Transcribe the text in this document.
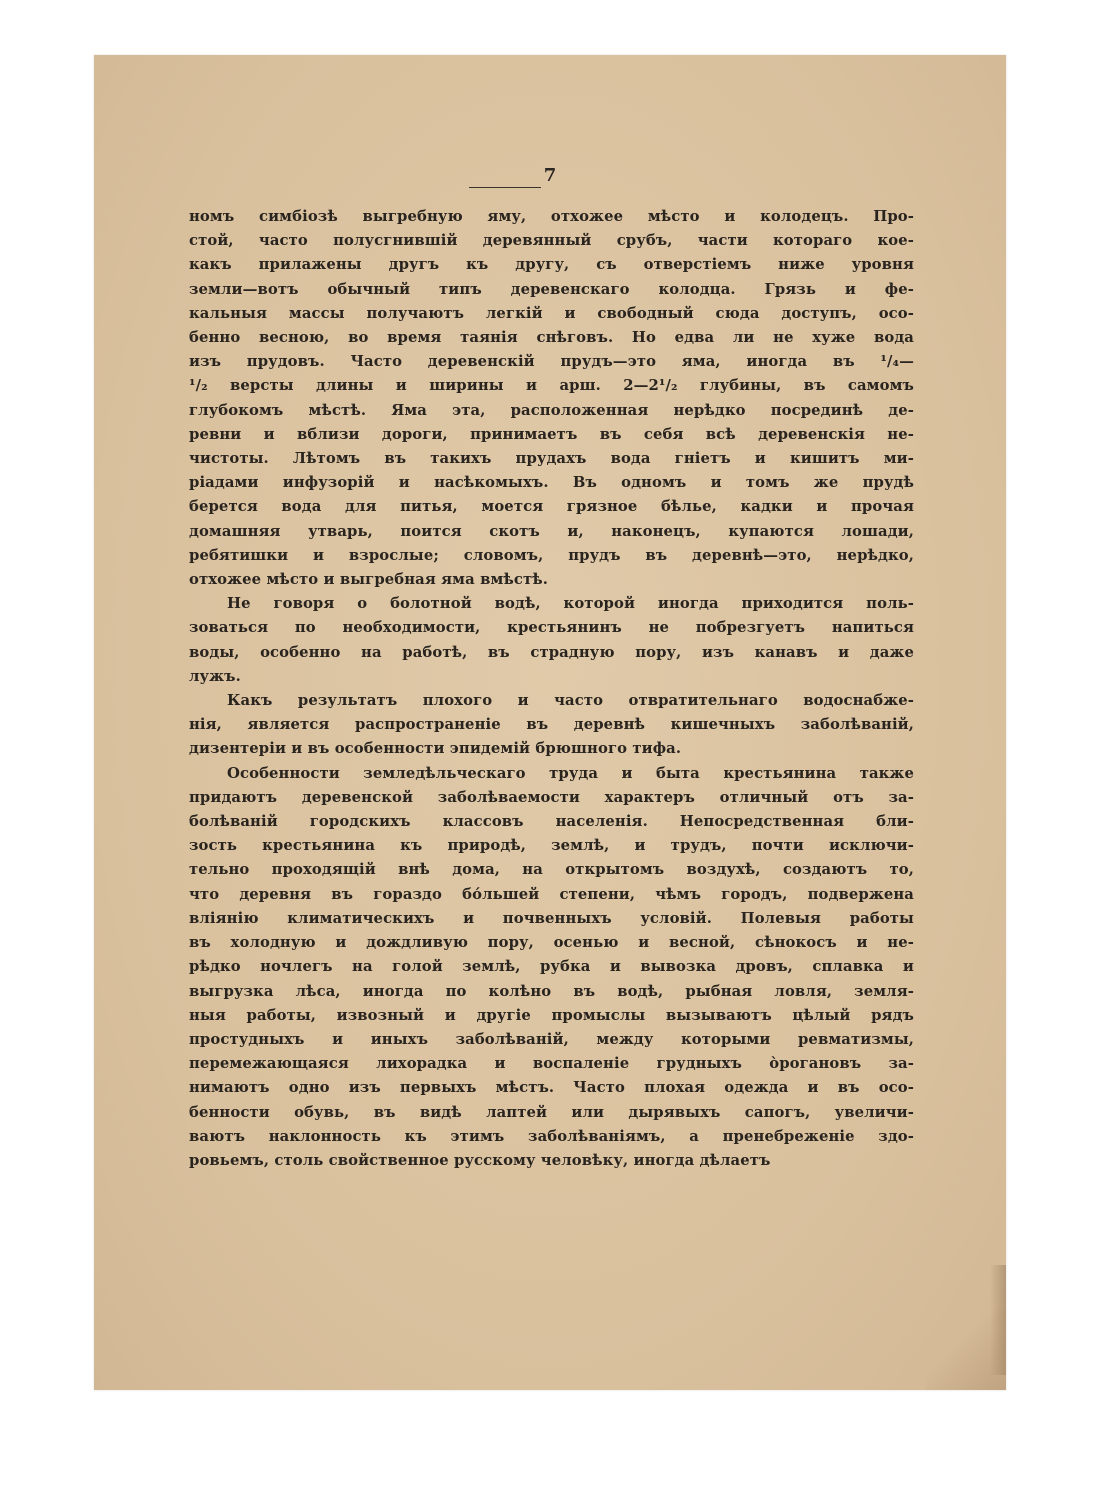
7

номъ симбіозѣ выгребную яму, отхожее мѣсто и колодецъ. Про-
стой, часто полусгнившій деревянный срубъ, части котораго кое-
какъ прилажены другъ къ другу, съ отверстіемъ ниже уровня
земли—вотъ обычный типъ деревенскаго колодца. Грязь и фе-
кальныя массы получаютъ легкій и свободный сюда доступъ, осо-
бенно весною, во время таянія снѣговъ. Но едва ли не хуже вода
изъ прудовъ. Часто деревенскій прудъ—это яма, иногда въ ¹/₄—
¹/₂ версты длины и ширины и арш. 2—2¹/₂ глубины, въ самомъ
глубокомъ мѣстѣ. Яма эта, расположенная нерѣдко посрединѣ де-
ревни и вблизи дороги, принимаетъ въ себя всѣ деревенскія не-
чистоты. Лѣтомъ въ такихъ прудахъ вода гніетъ и кишитъ ми-
ріадами инфузорій и насѣкомыхъ. Въ одномъ и томъ же прудѣ
берется вода для питья, моется грязное бѣлье, кадки и прочая
домашняя утварь, поится скотъ и, наконецъ, купаются лошади,
ребятишки и взрослые; словомъ, прудъ въ деревнѣ—это, нерѣдко,
отхожее мѣсто и выгребная яма вмѣстѣ.

Не говоря о болотной водѣ, которой иногда приходится поль-
зоваться по необходимости, крестьянинъ не побрезгуетъ напиться
воды, особенно на работѣ, въ страдную пору, изъ канавъ и даже
лужъ.

Какъ результатъ плохого и часто отвратительнаго водоснабже-
нія, является распространеніе въ деревнѣ кишечныхъ заболѣваній,
дизентеріи и въ особенности эпидемій брюшного тифа.

Особенности земледѣльческаго труда и быта крестьянина также
придаютъ деревенской заболѣваемости характеръ отличный отъ за-
болѣваній городскихъ классовъ населенія. Непосредственная бли-
зость крестьянина къ природѣ, землѣ, и трудъ, почти исключи-
тельно проходящій внѣ дома, на открытомъ воздухѣ, создаютъ то,
что деревня въ гораздо бо́льшей степени, чѣмъ городъ, подвержена
вліянію климатическихъ и почвенныхъ условій. Полевыя работы
въ холодную и дождливую пору, осенью и весной, сѣнокосъ и не-
рѣдко ночлегъ на голой землѣ, рубка и вывозка дровъ, сплавка и
выгрузка лѣса, иногда по колѣно въ водѣ, рыбная ловля, земля-
ныя работы, извозный и другіе промыслы вызываютъ цѣлый рядъ
простудныхъ и иныхъ заболѣваній, между которыми ревматизмы,
перемежающаяся лихорадка и воспаленіе грудныхъ о̀рогановъ за-
нимаютъ одно изъ первыхъ мѣстъ. Часто плохая одежда и въ осо-
бенности обувь, въ видѣ лаптей или дырявыхъ сапогъ, увеличи-
ваютъ наклонность къ этимъ заболѣваніямъ, а пренебреженіе здо-
ровьемъ, столь свойственное русскому человѣку, иногда дѣлаетъ
